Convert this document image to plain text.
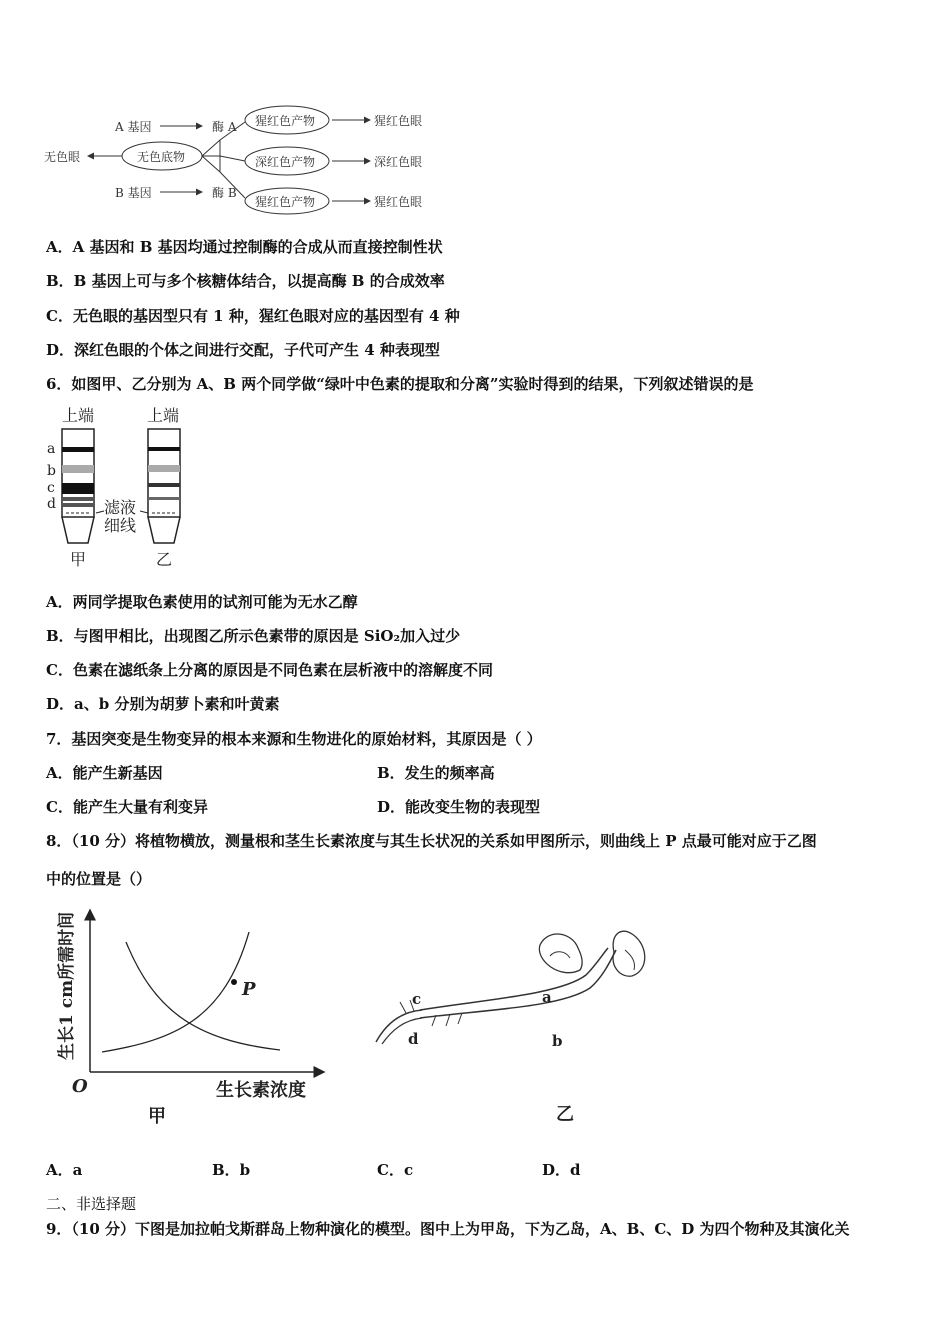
A 基因	酶 A
B 基因	酶 B
无色底物
无色眼
猩红色产物
深红色产物
猩红色产物
猩红色眼
深红色眼
猩红色眼
A．A 基因和 B 基因均通过控制酶的合成从而直接控制性状
B．B 基因上可与多个核糖体结合，以提高酶 B 的合成效率
C．无色眼的基因型只有 1 种，猩红色眼对应的基因型有 4 种
D．深红色眼的个体之间进行交配，子代可产生 4 种表现型
6．如图甲、乙分别为 A、B 两个同学做“绿叶中色素的提取和分离”实验时得到的结果，下列叙述错误的是
上端	上端
a
b
c
d	滤液
细线
甲	乙
A．两同学提取色素使用的试剂可能为无水乙醇
B．与图甲相比，出现图乙所示色素带的原因是 SiO₂加入过少
C．色素在滤纸条上分离的原因是不同色素在层析液中的溶解度不同
D．a、b 分别为胡萝卜素和叶黄素
7．基因突变是生物变异的根本来源和生物进化的原始材料，其原因是（ ）
A．能产生新基因	B．发生的频率高
C．能产生大量有利变异	D．能改变生物的表现型
8．（10 分）将植物横放，测量根和茎生长素浓度与其生长状况的关系如甲图所示，则曲线上 P 点最可能对应于乙图
中的位置是（）
生长1 cm所需时间
O	生长素浓度
P
甲
c
d
a
b
乙
A．a	B．b	C．c	D．d
二、非选择题
9．（10 分）下图是加拉帕戈斯群岛上物种演化的模型。图中上为甲岛，下为乙岛，A、B、C、D 为四个物种及其演化关
